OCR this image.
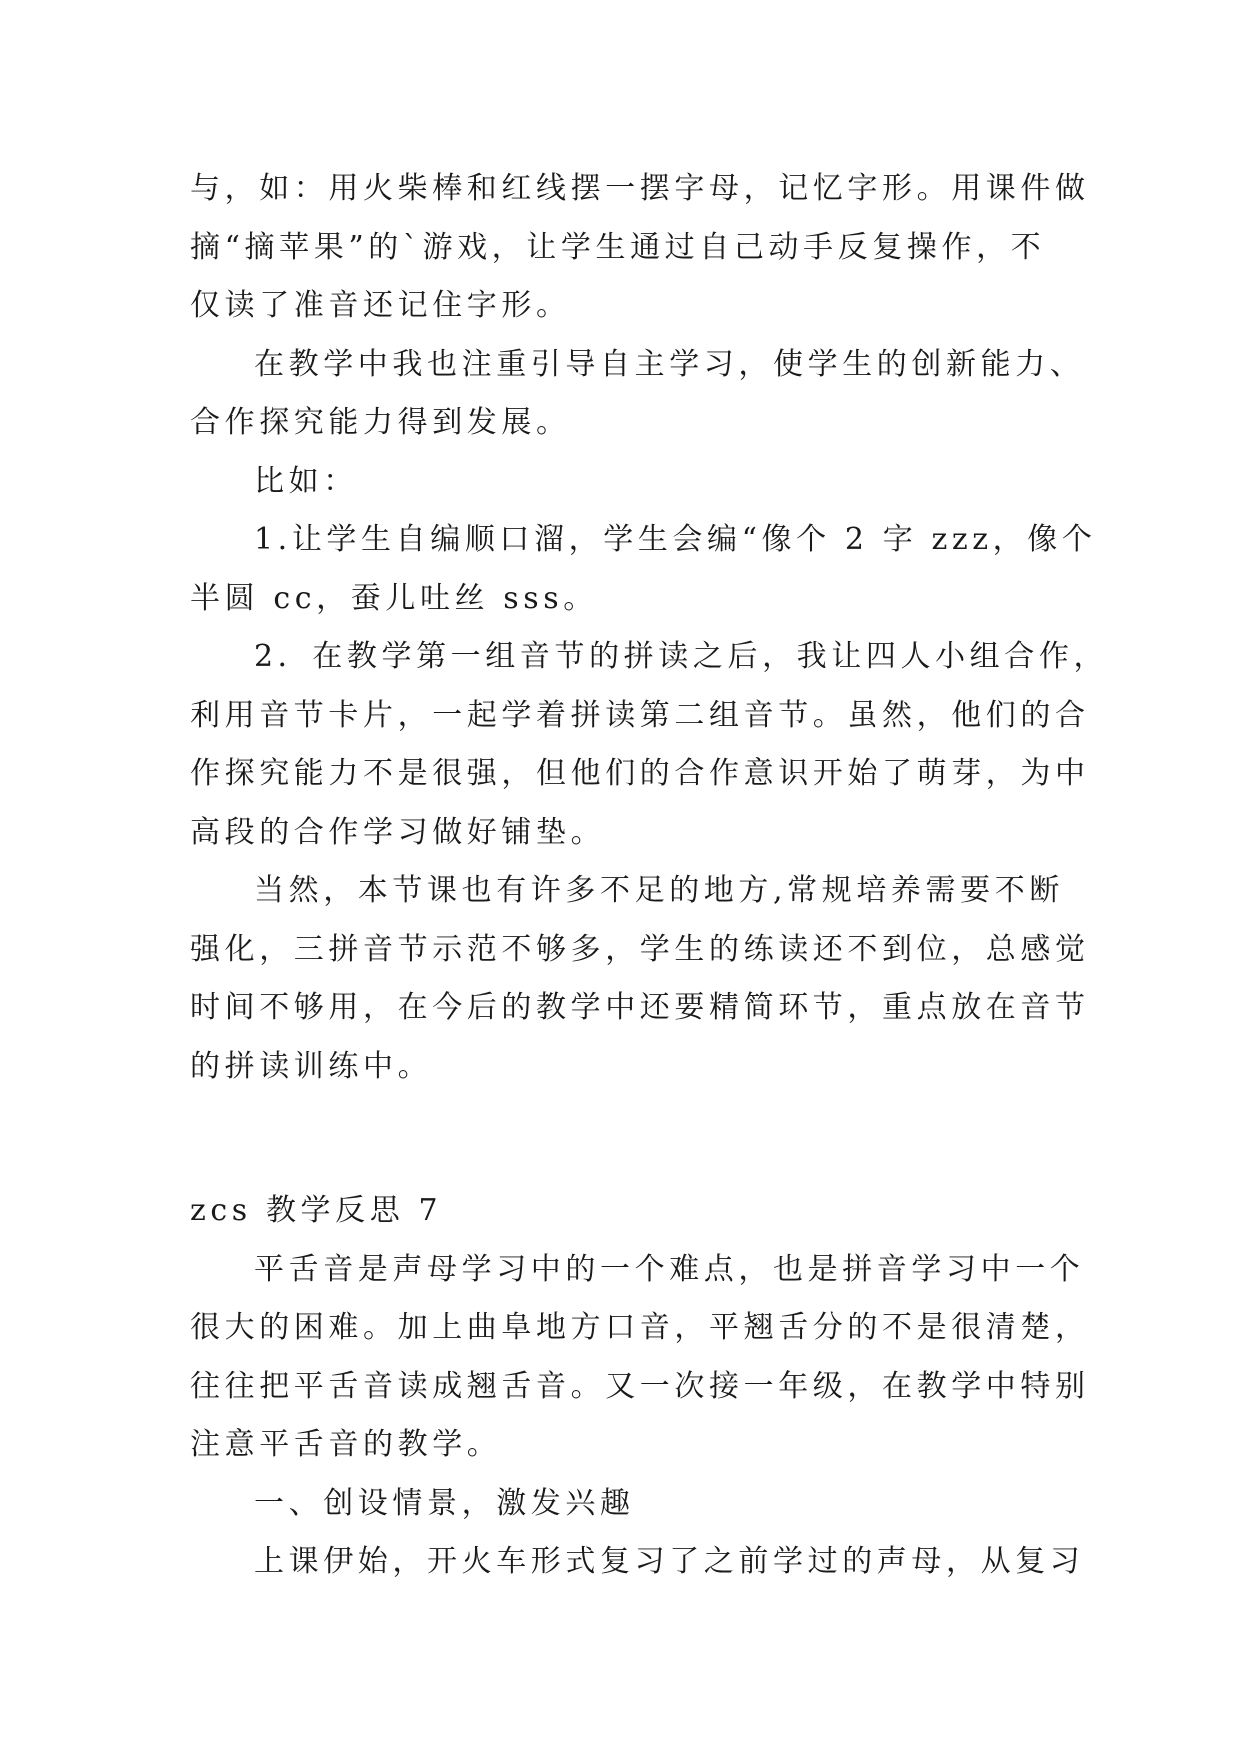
与，如：用火柴棒和红线摆一摆字母，记忆字形。用课件做

摘“摘苹果”的`游戏，让学生通过自己动手反复操作，不

仅读了准音还记住字形。

在教学中我也注重引导自主学习，使学生的创新能力、

合作探究能力得到发展。

比如：

1.让学生自编顺口溜，学生会编“像个 2 字 zzz，像个

半圆 cc，蚕儿吐丝 sss。

2．在教学第一组音节的拼读之后，我让四人小组合作，

利用音节卡片，一起学着拼读第二组音节。虽然，他们的合

作探究能力不是很强，但他们的合作意识开始了萌芽，为中

高段的合作学习做好铺垫。

当然，本节课也有许多不足的地方,常规培养需要不断

强化，三拼音节示范不够多，学生的练读还不到位，总感觉

时间不够用，在今后的教学中还要精简环节，重点放在音节

的拼读训练中。

zcs 教学反思 7

平舌音是声母学习中的一个难点，也是拼音学习中一个

很大的困难。加上曲阜地方口音，平翘舌分的不是很清楚，

往往把平舌音读成翘舌音。又一次接一年级，在教学中特别

注意平舌音的教学。

一、创设情景，激发兴趣

上课伊始，开火车形式复习了之前学过的声母，从复习
